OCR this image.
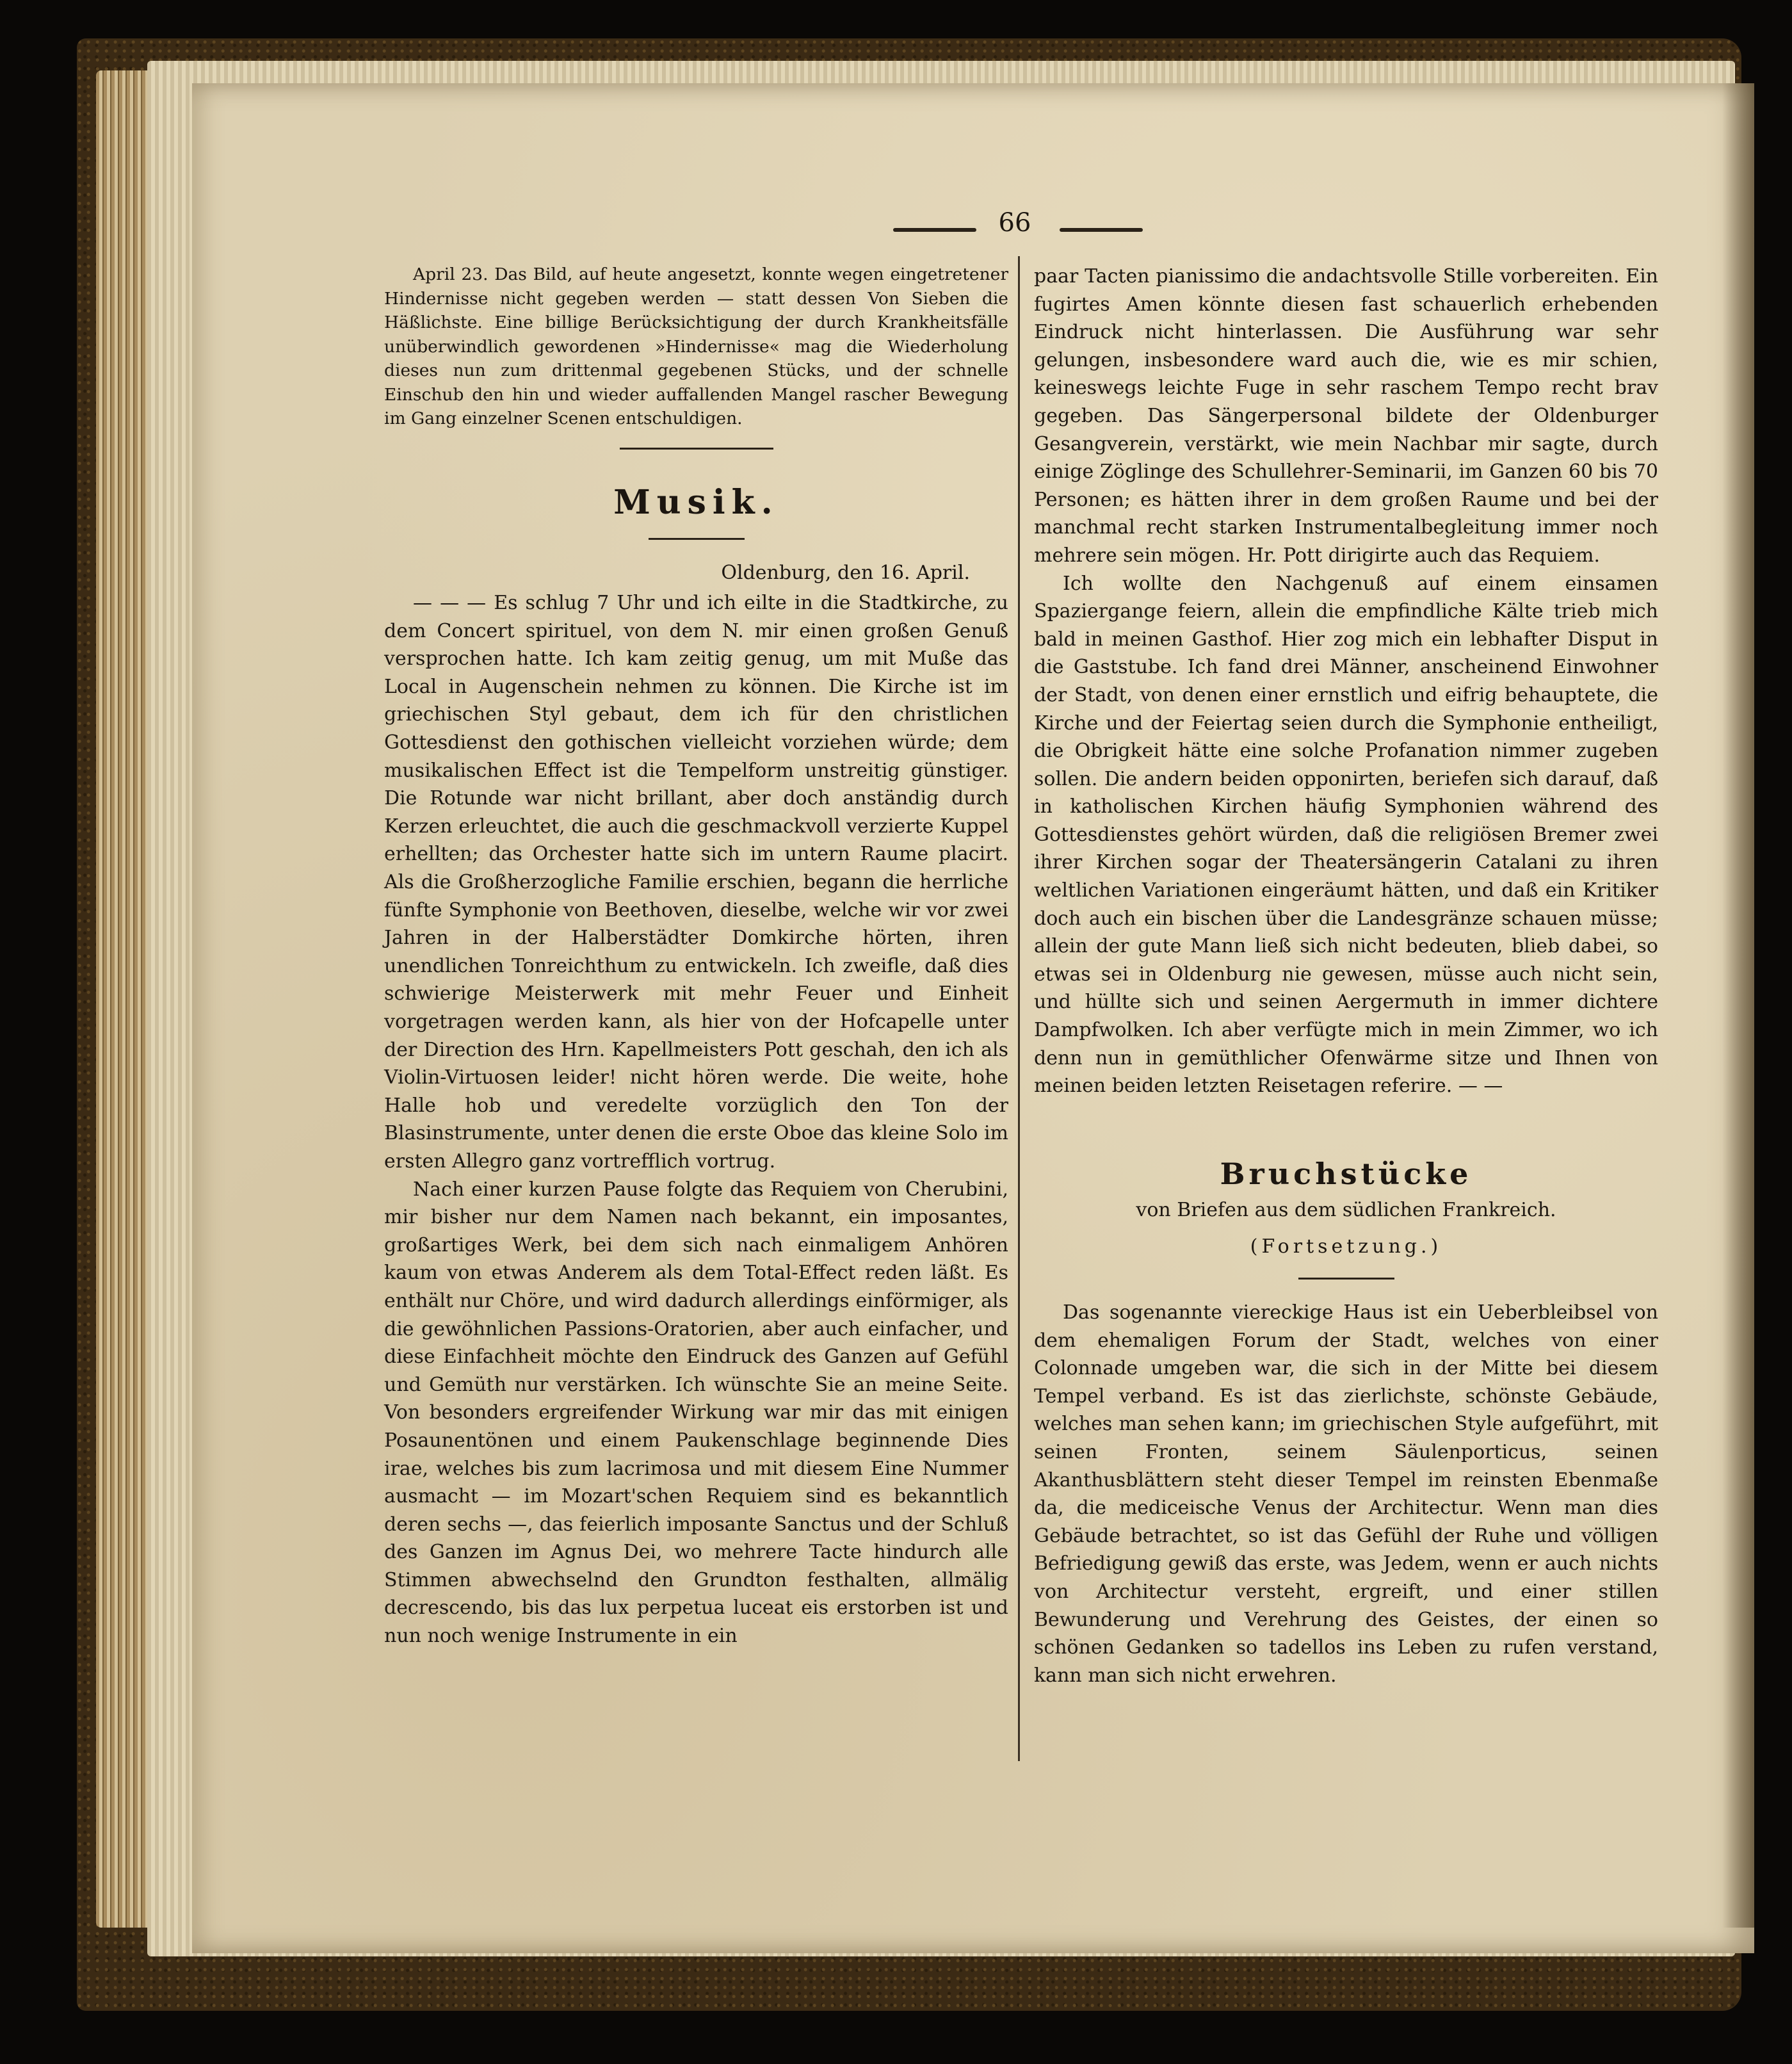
66

April 23. Das Bild, auf heute angesetzt, konnte wegen eingetretener Hindernisse nicht gegeben werden — statt dessen Von Sieben die Häßlichste. Eine billige Berücksichtigung der durch Krankheitsfälle unüberwindlich gewordenen »Hindernisse« mag die Wiederholung dieses nun zum drittenmal gegebenen Stücks, und der schnelle Einschub den hin und wieder auffallenden Mangel rascher Bewegung im Gang einzelner Scenen entschuldigen.

Musik.

Oldenburg, den 16. April.

— — — Es schlug 7 Uhr und ich eilte in die Stadtkirche, zu dem Concert spirituel, von dem N. mir einen großen Genuß versprochen hatte. Ich kam zeitig genug, um mit Muße das Local in Augenschein nehmen zu können. Die Kirche ist im griechischen Styl gebaut, dem ich für den christlichen Gottesdienst den gothischen vielleicht vorziehen würde; dem musikalischen Effect ist die Tempelform unstreitig günstiger. Die Rotunde war nicht brillant, aber doch anständig durch Kerzen erleuchtet, die auch die geschmackvoll verzierte Kuppel erhellten; das Orchester hatte sich im untern Raume placirt. Als die Großherzogliche Familie erschien, begann die herrliche fünfte Symphonie von Beethoven, dieselbe, welche wir vor zwei Jahren in der Halberstädter Domkirche hörten, ihren unendlichen Tonreichthum zu entwickeln. Ich zweifle, daß dies schwierige Meisterwerk mit mehr Feuer und Einheit vorgetragen werden kann, als hier von der Hofcapelle unter der Direction des Hrn. Kapellmeisters Pott geschah, den ich als Violin-Virtuosen leider! nicht hören werde. Die weite, hohe Halle hob und veredelte vorzüglich den Ton der Blasinstrumente, unter denen die erste Oboe das kleine Solo im ersten Allegro ganz vortrefflich vortrug.

Nach einer kurzen Pause folgte das Requiem von Cherubini, mir bisher nur dem Namen nach bekannt, ein imposantes, großartiges Werk, bei dem sich nach einmaligem Anhören kaum von etwas Anderem als dem Total-Effect reden läßt. Es enthält nur Chöre, und wird dadurch allerdings einförmiger, als die gewöhnlichen Passions-Oratorien, aber auch einfacher, und diese Einfachheit möchte den Eindruck des Ganzen auf Gefühl und Gemüth nur verstärken. Ich wünschte Sie an meine Seite. Von besonders ergreifender Wirkung war mir das mit einigen Posaunentönen und einem Paukenschlage beginnende Dies irae, welches bis zum lacrimosa und mit diesem Eine Nummer ausmacht — im Mozart'schen Requiem sind es bekanntlich deren sechs —, das feierlich imposante Sanctus und der Schluß des Ganzen im Agnus Dei, wo mehrere Tacte hindurch alle Stimmen abwechselnd den Grundton festhalten, allmälig decrescendo, bis das lux perpetua luceat eis erstorben ist und nun noch wenige Instrumente in ein

paar Tacten pianissimo die andachtsvolle Stille vorbereiten. Ein fugirtes Amen könnte diesen fast schauerlich erhebenden Eindruck nicht hinterlassen. Die Ausführung war sehr gelungen, insbesondere ward auch die, wie es mir schien, keineswegs leichte Fuge in sehr raschem Tempo recht brav gegeben. Das Sängerpersonal bildete der Oldenburger Gesangverein, verstärkt, wie mein Nachbar mir sagte, durch einige Zöglinge des Schullehrer-Seminarii, im Ganzen 60 bis 70 Personen; es hätten ihrer in dem großen Raume und bei der manchmal recht starken Instrumentalbegleitung immer noch mehrere sein mögen. Hr. Pott dirigirte auch das Requiem.

Ich wollte den Nachgenuß auf einem einsamen Spaziergange feiern, allein die empfindliche Kälte trieb mich bald in meinen Gasthof. Hier zog mich ein lebhafter Disput in die Gaststube. Ich fand drei Männer, anscheinend Einwohner der Stadt, von denen einer ernstlich und eifrig behauptete, die Kirche und der Feiertag seien durch die Symphonie entheiligt, die Obrigkeit hätte eine solche Profanation nimmer zugeben sollen. Die andern beiden opponirten, beriefen sich darauf, daß in katholischen Kirchen häufig Symphonien während des Gottesdienstes gehört würden, daß die religiösen Bremer zwei ihrer Kirchen sogar der Theatersängerin Catalani zu ihren weltlichen Variationen eingeräumt hätten, und daß ein Kritiker doch auch ein bischen über die Landesgränze schauen müsse; allein der gute Mann ließ sich nicht bedeuten, blieb dabei, so etwas sei in Oldenburg nie gewesen, müsse auch nicht sein, und hüllte sich und seinen Aergermuth in immer dichtere Dampfwolken. Ich aber verfügte mich in mein Zimmer, wo ich denn nun in gemüthlicher Ofenwärme sitze und Ihnen von meinen beiden letzten Reisetagen referire. — —

Bruchstücke

von Briefen aus dem südlichen Frankreich.

(Fortsetzung.)

Das sogenannte viereckige Haus ist ein Ueberbleibsel von dem ehemaligen Forum der Stadt, welches von einer Colonnade umgeben war, die sich in der Mitte bei diesem Tempel verband. Es ist das zierlichste, schönste Gebäude, welches man sehen kann; im griechischen Style aufgeführt, mit seinen Fronten, seinem Säulenporticus, seinen Akanthusblättern steht dieser Tempel im reinsten Ebenmaße da, die mediceische Venus der Architectur. Wenn man dies Gebäude betrachtet, so ist das Gefühl der Ruhe und völligen Befriedigung gewiß das erste, was Jedem, wenn er auch nichts von Architectur versteht, ergreift, und einer stillen Bewunderung und Verehrung des Geistes, der einen so schönen Gedanken so tadellos ins Leben zu rufen verstand, kann man sich nicht erwehren.
